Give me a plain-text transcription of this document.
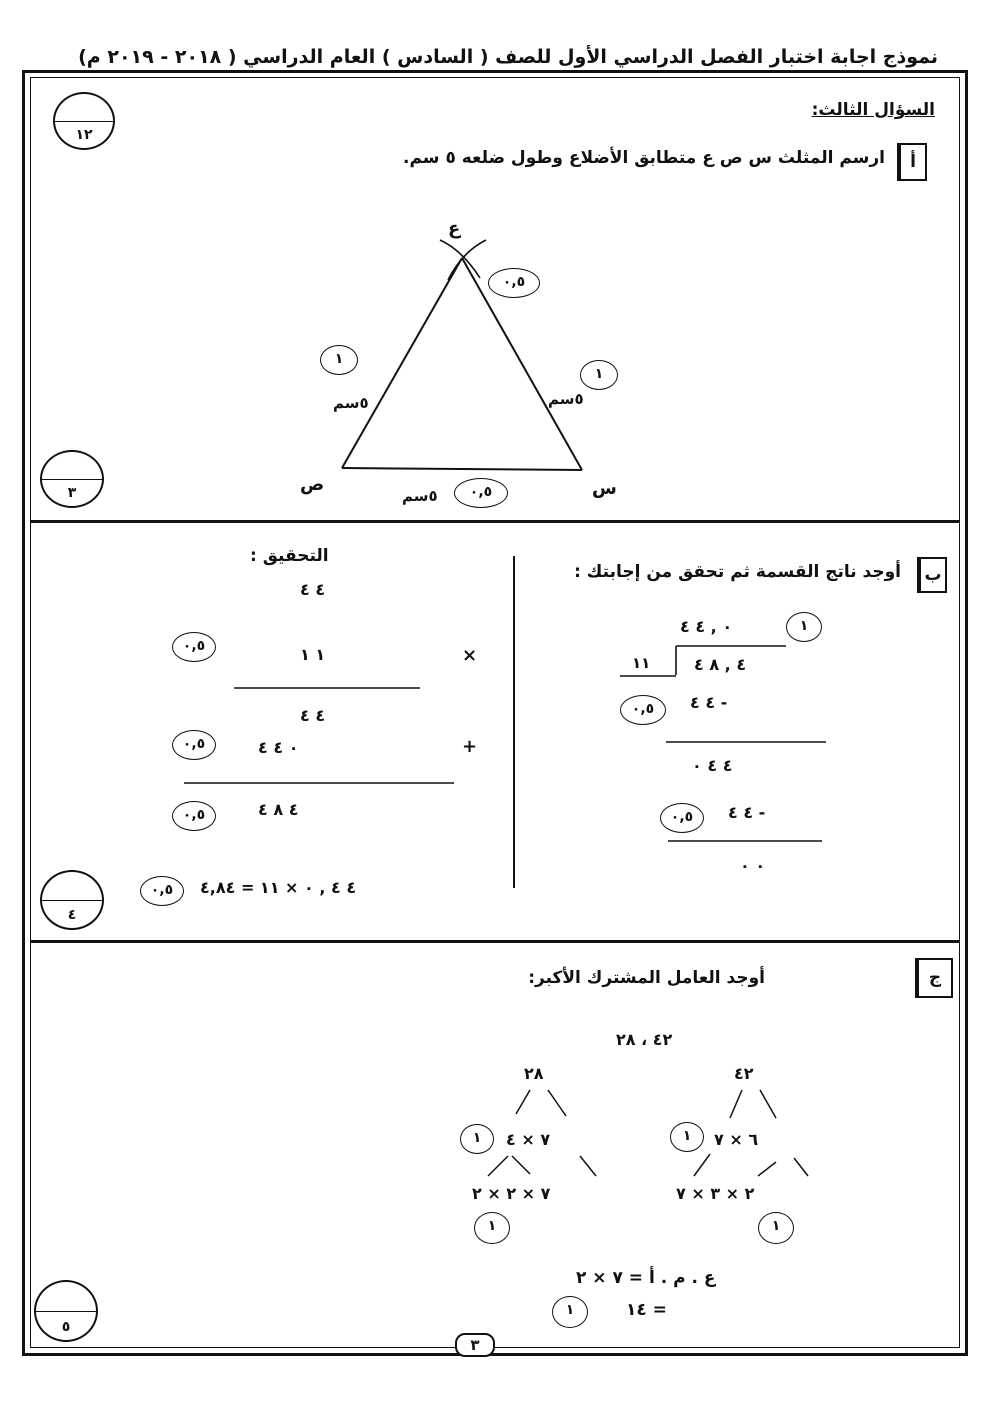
نموذج اجابة اختبار الفصل الدراسي الأول للصف ( السادس ) العام الدراسي ( ٢٠١٨ - ٢٠١٩ م)
١٢
٣
٤
٥
السؤال الثالث:
أ
ارسم المثلث س ص ع متطابق الأضلاع وطول ضلعه ٥ سم.
ع
ص	س
٥سم	٥سم
٥سم
٠,٥
١
١
٠,٥
ب
أوجد ناتج القسمة ثم تحقق من إجابتك :
٠ , ٤ ٤	١
١١	٤ , ٨ ٤
- ٤ ٤
٠,٥
٤ ٤ ٠
- ٤ ٤
٠,٥
٠ ٠
التحقيق :
٤ ٤
×
١ ١
٠,٥
٤ ٤
+
٠ ٤ ٤
٠,٥
٤ ٨ ٤
٠,٥
٤ ٤ , ٠ × ١١ = ٤,٨٤
٠,٥
ج
أوجد العامل المشترك الأكبر:
٤٢ ، ٢٨
٤٢
٦ × ٧
١
٢ × ٣ × ٧
١
٢٨
٧ × ٤
١
٧ × ٢ × ٢
١
ع . م . أ = ٧ × ٢
= ١٤
١
٣
